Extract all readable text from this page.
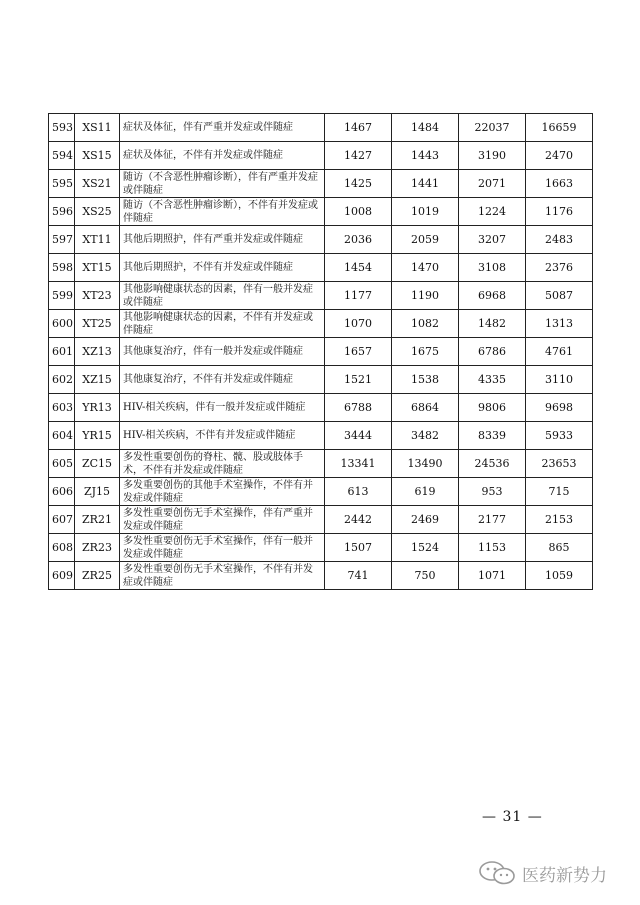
593	XS11	症状及体征，伴有严重并发症或伴随症	1467	1484	22037	16659
594	XS15	症状及体征，不伴有并发症或伴随症	1427	1443	3190	2470
595	XS21	随访（不含恶性肿瘤诊断），伴有严重并发症或伴随症	1425	1441	2071	1663
596	XS25	随访（不含恶性肿瘤诊断），不伴有并发症或伴随症	1008	1019	1224	1176
597	XT11	其他后期照护，伴有严重并发症或伴随症	2036	2059	3207	2483
598	XT15	其他后期照护，不伴有并发症或伴随症	1454	1470	3108	2376
599	XT23	其他影响健康状态的因素，伴有一般并发症或伴随症	1177	1190	6968	5087
600	XT25	其他影响健康状态的因素，不伴有并发症或伴随症	1070	1082	1482	1313
601	XZ13	其他康复治疗，伴有一般并发症或伴随症	1657	1675	6786	4761
602	XZ15	其他康复治疗，不伴有并发症或伴随症	1521	1538	4335	3110
603	YR13	HIV-相关疾病，伴有一般并发症或伴随症	6788	6864	9806	9698
604	YR15	HIV-相关疾病，不伴有并发症或伴随症	3444	3482	8339	5933
605	ZC15	多发性重要创伤的脊柱、髋、股或肢体手术，不伴有并发症或伴随症	13341	13490	24536	23653
606	ZJ15	多发重要创伤的其他手术室操作，不伴有并发症或伴随症	613	619	953	715
607	ZR21	多发性重要创伤无手术室操作，伴有严重并发症或伴随症	2442	2469	2177	2153
608	ZR23	多发性重要创伤无手术室操作，伴有一般并发症或伴随症	1507	1524	1153	865
609	ZR25	多发性重要创伤无手术室操作，不伴有并发症或伴随症	741	750	1071	1059
— 31 —
医药新势力
